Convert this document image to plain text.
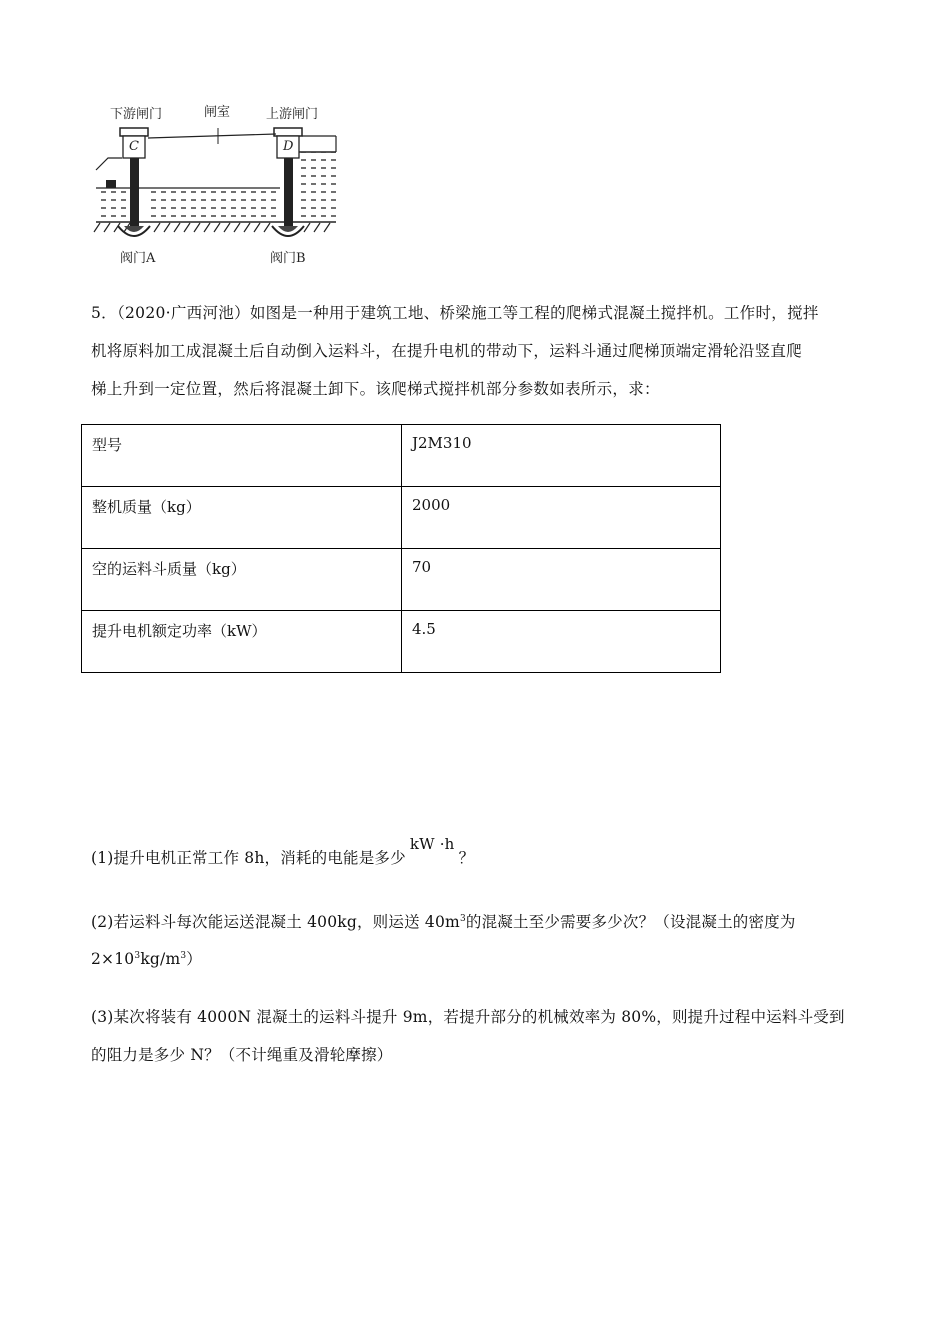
下游闸门	闸室	上游闸门
C	D
阀门A	阀门B
5．（2020·广西河池）如图是一种用于建筑工地、桥梁施工等工程的爬梯式混凝土搅拌机。工作时，搅拌
机将原料加工成混凝土后自动倒入运料斗，在提升电机的带动下，运料斗通过爬梯顶端定滑轮沿竖直爬
梯上升到一定位置，然后将混凝土卸下。该爬梯式搅拌机部分参数如表所示，求：
型号	J2M310
整机质量（kg）	2000
空的运料斗质量（kg）	70
提升电机额定功率（kW）	4.5
(1)提升电机正常工作 8h，消耗的电能是多少kW ·h？
(2)若运料斗每次能运送混凝土 400kg，则运送 $40m^3$的混凝土至少需要多少次？（设混凝土的密度为
$2\times 10^3kg/m^3$）
(3)某次将装有 4000N 混凝土的运料斗提升 9m，若提升部分的机械效率为 80%，则提升过程中运料斗受到
的阻力是多少 N？（不计绳重及滑轮摩擦）
